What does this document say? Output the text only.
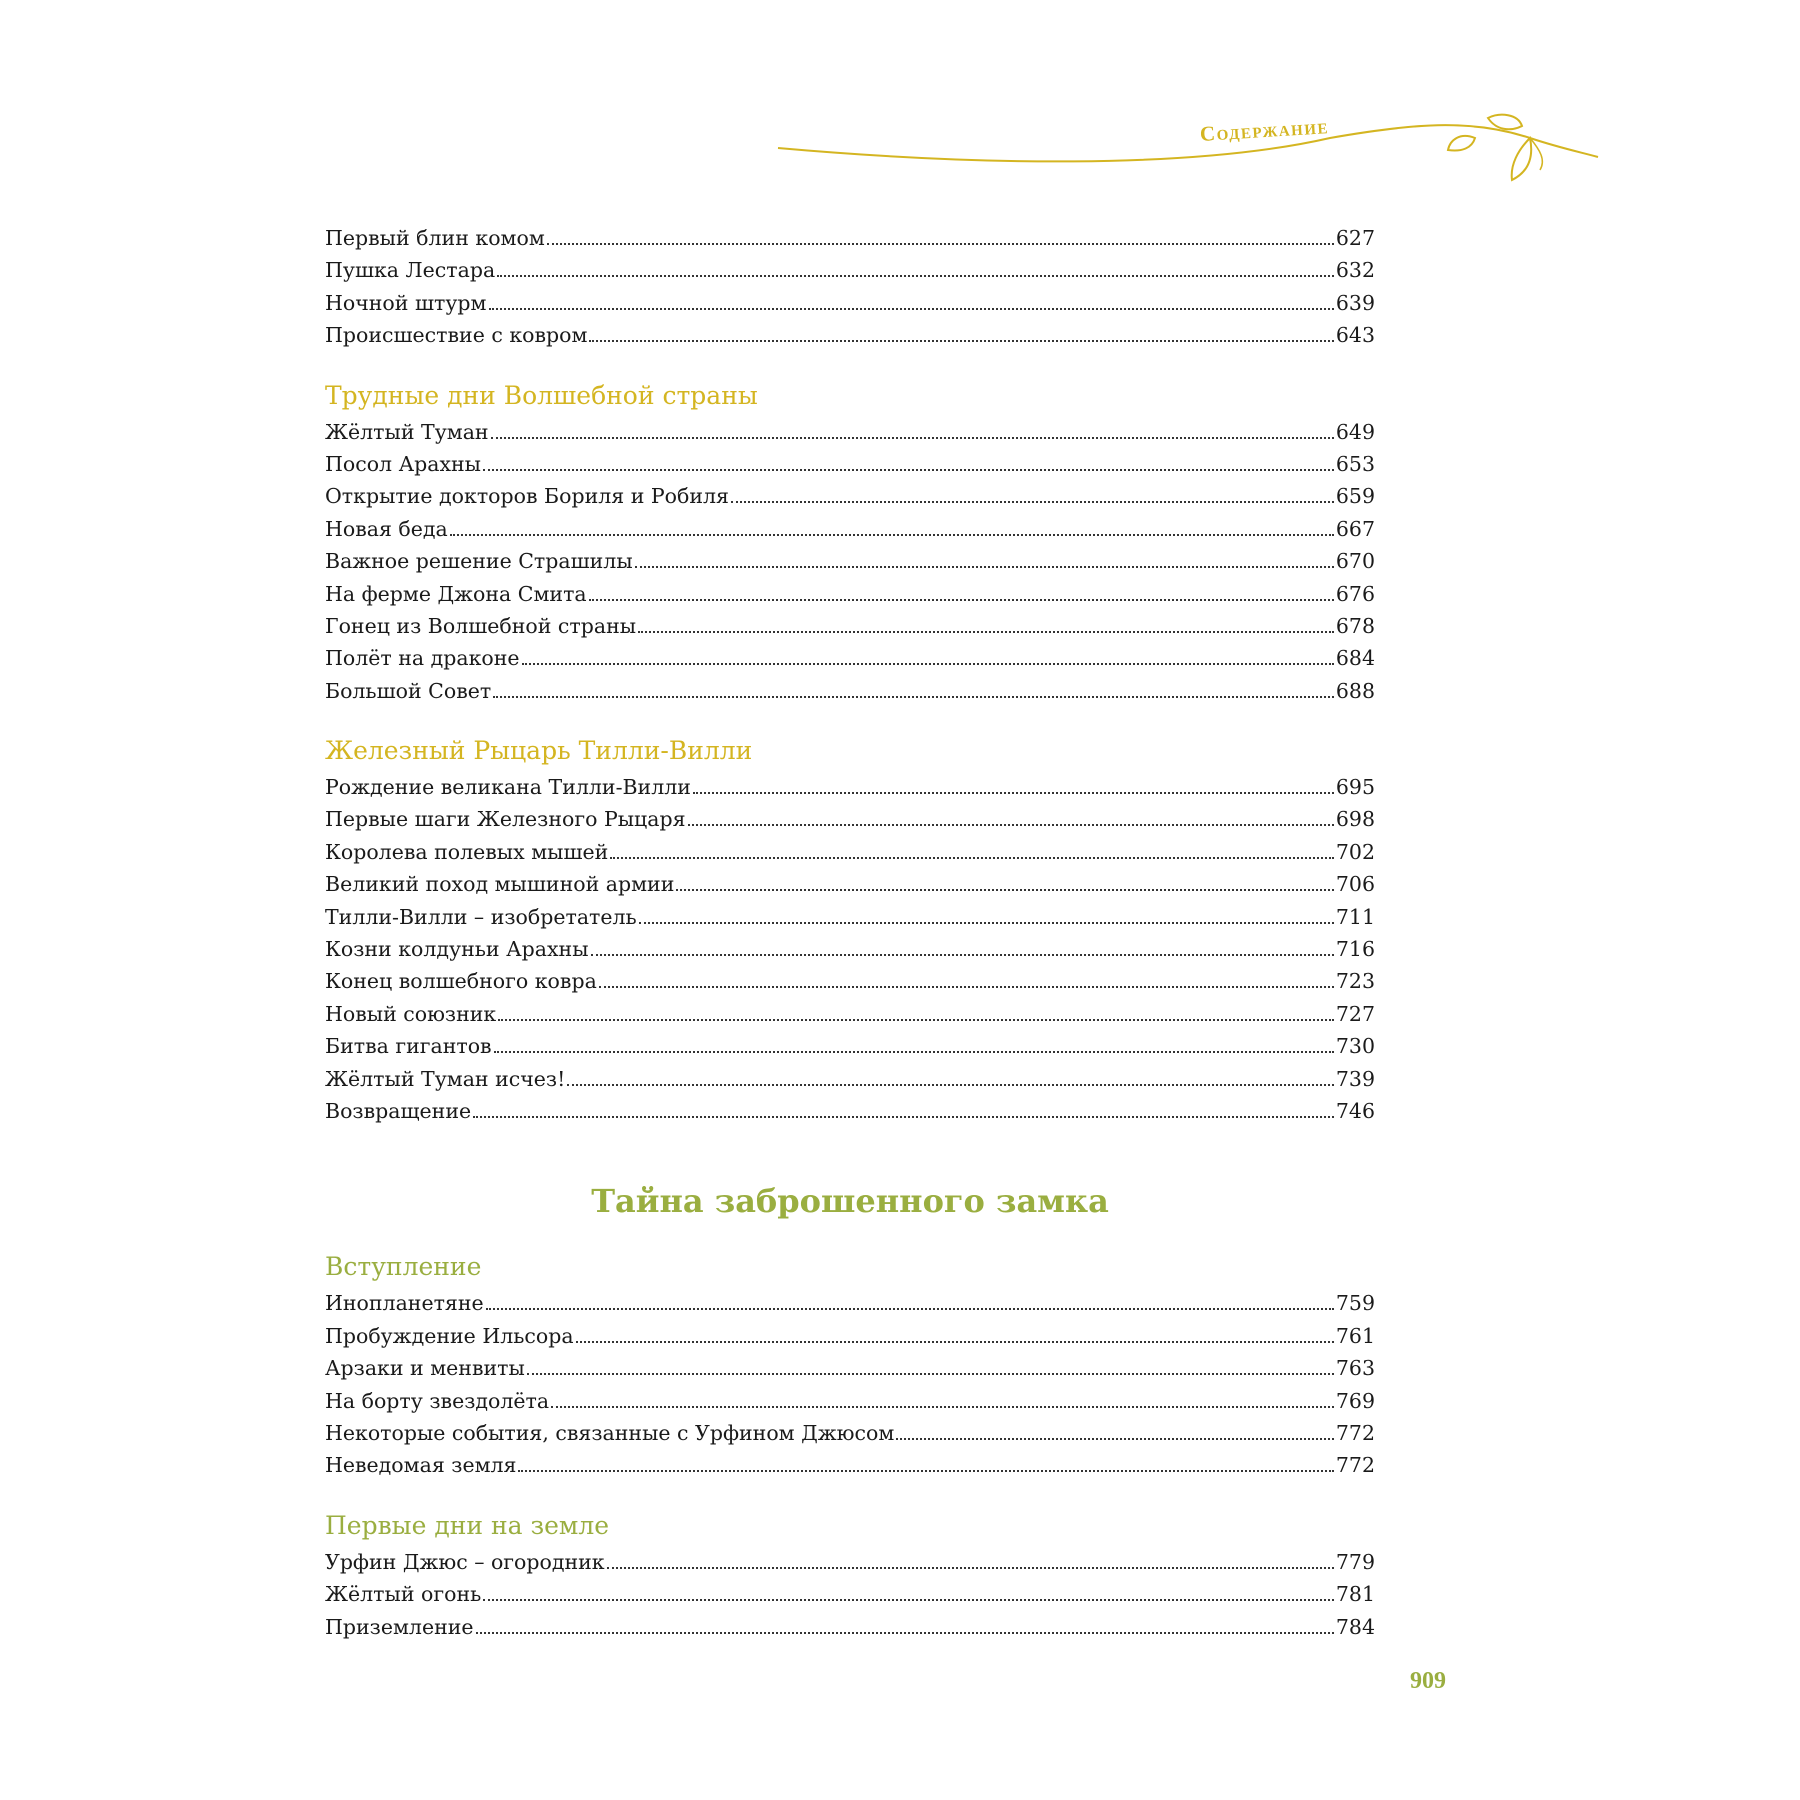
Содержание
Первый блин комом	627
Пушка Лестара	632
Ночной штурм	639
Происшествие с ковром	643
Трудные дни Волшебной страны
Жёлтый Туман	649
Посол Арахны	653
Открытие докторов Бориля и Робиля	659
Новая беда	667
Важное решение Страшилы	670
На ферме Джона Смита	676
Гонец из Волшебной страны	678
Полёт на драконе	684
Большой Совет	688
Железный Рыцарь Тилли-Вилли
Рождение великана Тилли-Вилли	695
Первые шаги Железного Рыцаря	698
Королева полевых мышей	702
Великий поход мышиной армии	706
Тилли-Вилли – изобретатель	711
Козни колдуньи Арахны	716
Конец волшебного ковра	723
Новый союзник	727
Битва гигантов	730
Жёлтый Туман исчез!	739
Возвращение	746
Тайна заброшенного замка
Вступление
Инопланетяне	759
Пробуждение Ильсора	761
Арзаки и менвиты	763
На борту звездолёта	769
Некоторые события, связанные с Урфином Джюсом	772
Неведомая земля	772
Первые дни на земле
Урфин Джюс – огородник	779
Жёлтый огонь	781
Приземление	784
909
